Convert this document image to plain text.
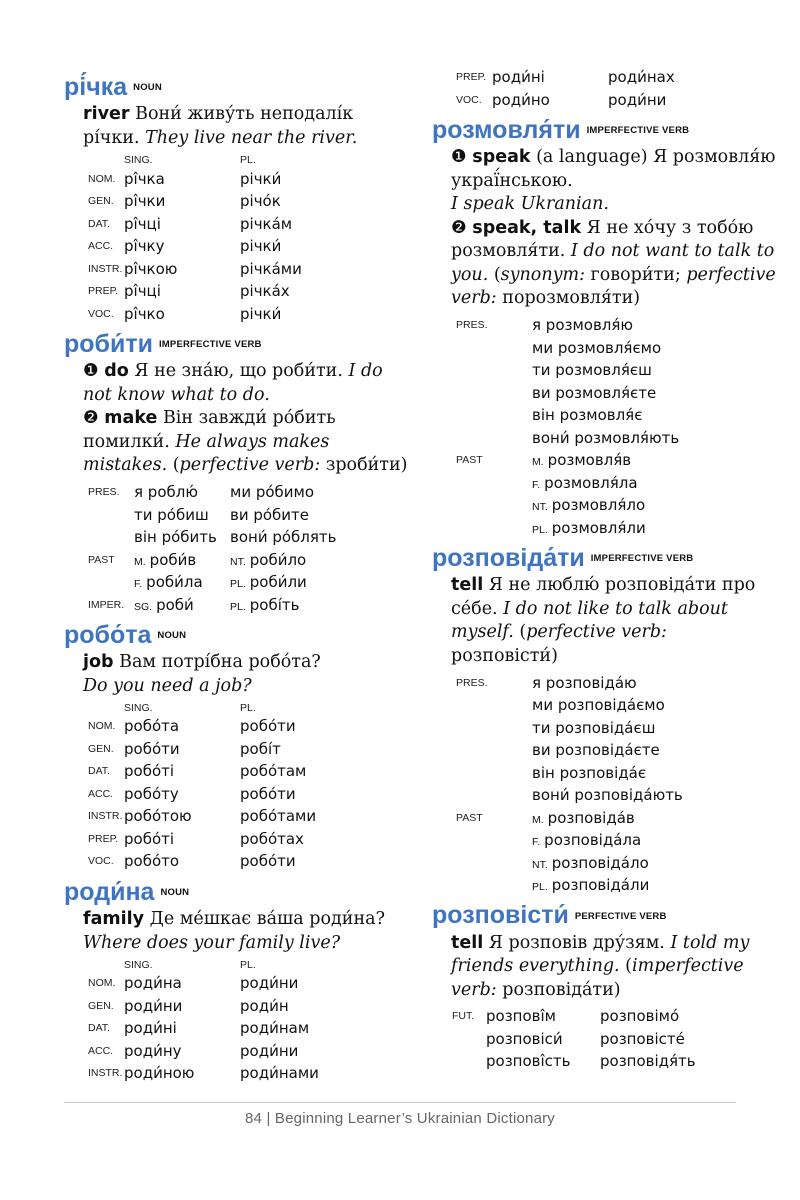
рі́чка NOUN
river Вони́ живу́ть неподалі́к рі́чки. They live near the river.
	SING.	PL.
NOM.	рі̂чка	річки́
GEN.	рі̂чки	річо́к
DAT.	рі̂чці	річка́м
ACC.	рі̂чку	річки́
INSTR.	рі̂чкою	річка́ми
PREP.	рі̂чці	річка́х
VOC.	рі̂чко	річки́
роби́ти IMPERFECTIVE VERB
❶ do Я не зна́ю, що роби́ти. I do not know what to do.
❷ make Він завжди́ ро́бить помилки́. He always makes mistakes. (perfective verb: зроби́ти)
PRES.	я роблю́	ми ро́бимо
	ти ро́биш	ви ро́бите
	він ро́бить	вони́ ро́блять
PAST	M. роби́в	NT. роби́ло
	F. роби́ла	PL. роби́ли
IMPER.	SG. роби́	PL. робі́ть
робо́та NOUN
job Вам потрі́бна робо́та?
Do you need a job?
	SING.	PL.
NOM.	робо́та	робо́ти
GEN.	робо́ти	робі́т
DAT.	робо́ті	робо́там
ACC.	робо́ту	робо́ти
INSTR.	робо́тою	робо́тами
PREP.	робо́ті	робо́тах
VOC.	робо́то	робо́ти
роди́на NOUN
family Де ме́шкає ва́ша роди́на?
Where does your family live?
	SING.	PL.
NOM.	роди́на	роди́ни
GEN.	роди́ни	роди́н
DAT.	роди́ні	роди́нам
ACC.	роди́ну	роди́ни
INSTR.	роди́ною	роди́нами
PREP.	роди́ні	роди́нах
VOC.	роди́но	роди́ни
розмовля́ти IMPERFECTIVE VERB
❶ speak (a language) Я розмовля́ю украї́нською.
I speak Ukranian.
❷ speak, talk Я не хо́чу з тобо́ю розмовля́ти. I do not want to talk to you. (synonym: говори́ти; perfective verb: порозмовля́ти)
PRES.		я розмовля́ю
		ми розмовля́ємо
		ти розмовля́єш
		ви розмовля́єте
		він розмовля́є
		вони́ розмовля́ють
PAST		M. розмовля́в
		F. розмовля́ла
		NT. розмовля́ло
		PL. розмовля́ли
розповіда́ти IMPERFECTIVE VERB
tell Я не люблю́ розповіда́ти про се́бе. I do not like to talk about myself. (perfective verb: розповісти́)
PRES.		я розповіда́ю
		ми розповіда́ємо
		ти розповіда́єш
		ви розповіда́єте
		він розповіда́є
		вони́ розповіда́ють
PAST		M. розповіда́в
		F. розповіда́ла
		NT. розповіда́ло
		PL. розповіда́ли
розповісти́ PERFECTIVE VERB
tell Я розповів дру́зям. I told my friends everything. (imperfective verb: розповіда́ти)
FUT.	розпові̂м	розповімо́
	розповіси́	розповісте́
	розпові̂сть	розповідя́ть
84 | Beginning Learner’s Ukrainian Dictionary
